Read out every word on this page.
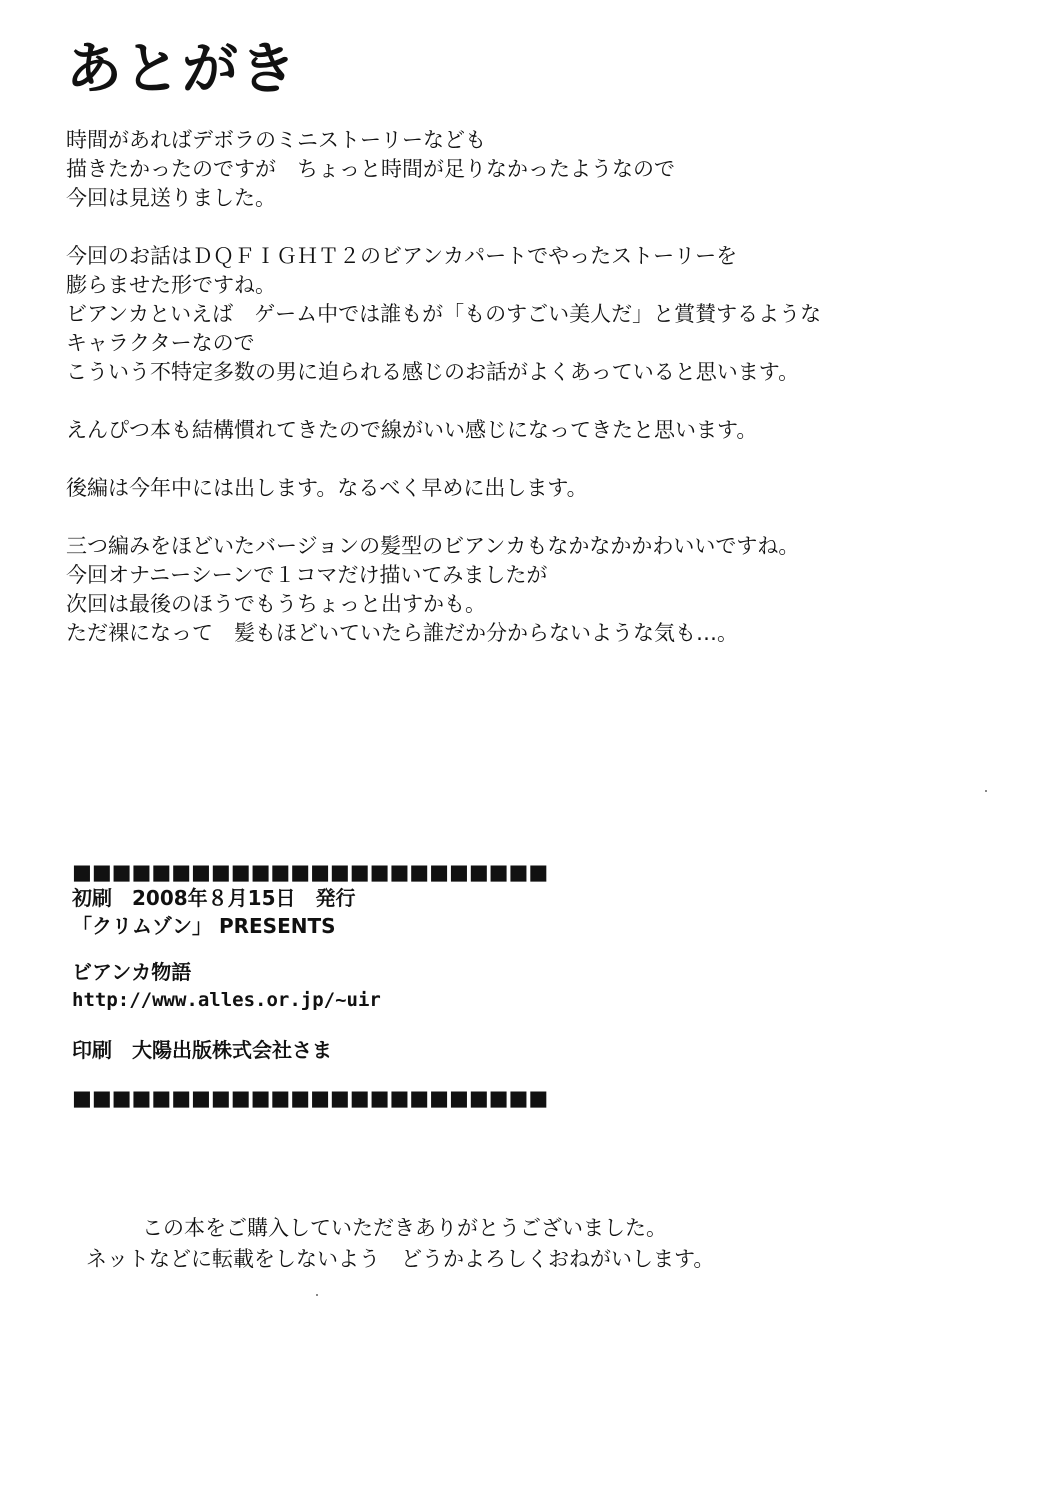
あとがき
時間があればデボラのミニストーリーなども
描きたかったのですが　ちょっと時間が足りなかったようなので
今回は見送りました。
今回のお話はＤＱＦＩＧＨＴ２のビアンカパートでやったストーリーを
膨らませた形ですね。
ビアンカといえば　ゲーム中では誰もが「ものすごい美人だ」と賞賛するような
キャラクターなので
こういう不特定多数の男に迫られる感じのお話がよくあっていると思います。
えんぴつ本も結構慣れてきたので線がいい感じになってきたと思います。
後編は今年中には出します。なるべく早めに出します。
三つ編みをほどいたバージョンの髪型のビアンカもなかなかかわいいですね。
今回オナニーシーンで１コマだけ描いてみましたが
次回は最後のほうでもうちょっと出すかも。
ただ裸になって　髪もほどいていたら誰だか分からないような気も…。
■■■■■■■■■■■■■■■■■■■■■■■■
初刷　2008年８月15日　発行
「クリムゾン」 PRESENTS
ビアンカ物語
http://www.alles.or.jp/~uir
印刷　大陽出版株式会社さま
■■■■■■■■■■■■■■■■■■■■■■■■
この本をご購入していただきありがとうございました。
ネットなどに転載をしないよう　どうかよろしくおねがいします。
